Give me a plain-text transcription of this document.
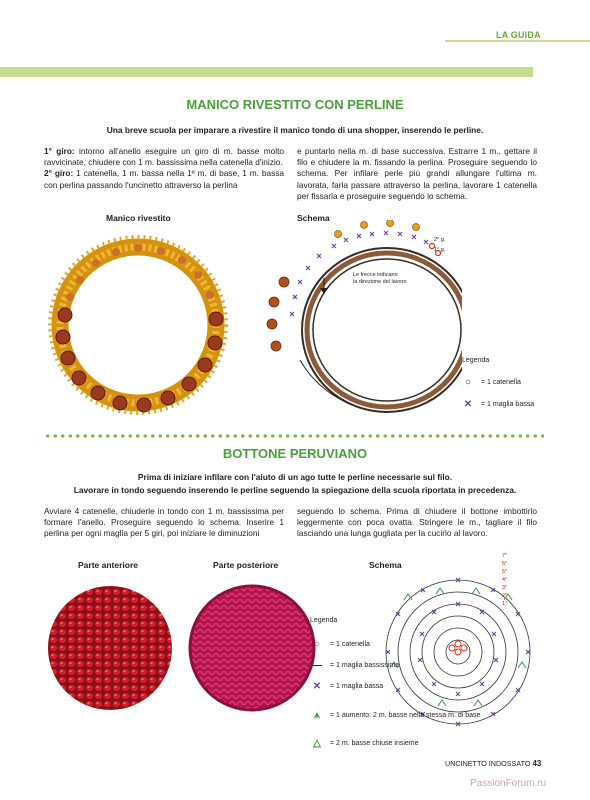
LA GUIDA
MANICO RIVESTITO CON PERLINE
Una breve scuola per imparare a rivestire il manico tondo di una shopper, inserendo le perline.
1° giro: intorno all'anello eseguire un giro di m. basse molto ravvicinate, chiudere con 1 m. bassissima nella catenella d'inizio.
2° giro: 1 catenella, 1 m. bassa nella 1ª m. di base, 1 m. bassa con perlina passando l'uncinetto attraverso la perlina
e puntarlo nella m. di base successiva. Estrarre 1 m., gettare il filo e chiudere la m. fissando la perlina. Proseguire seguendo lo schema. Per infilare perle più grandi allungare l'ultima m. lavorata, farla passare attraverso la perlina, lavorare 1 catenella per fissarla e proseguire seguendo lo schema.
Manico rivestito	Schema
Le frecce indicano
la direzione del lavoro
2° g.
1° g.
Legenda
○	= 1 catenella
✕	= 1 maglia bassa
BOTTONE PERUVIANO
Prima di iniziare infilare con l'aiuto di un ago tutte le perline necessarie sul filo.
Lavorare in tondo seguendo inserendo le perline seguendo la spiegazione della scuola riportata in precedenza.
Avviare 4 catenelle, chiuderle in tondo con 1 m. bassissima per formare l'anello. Proseguire seguendo lo schema. Inserire 1 perlina per ogni maglia per 5 giri, poi iniziare le diminuzioni
seguendo lo schema. Prima di chiudere il bottone imbottirlo leggermente con poca ovatta. Stringere le m., tagliare il filo lasciando una lunga gugliata per la cucirlo al lavoro.
Parte anteriore	Parte posteriore	Schema
7°
6°
5°
4°
3°
2°
1°
Legenda
○	= 1 catenella
—	= 1 maglia bassissima
✕	= 1 maglia bassa
⩚	= 1 aumento: 2 m. basse nella stessa m. di base
△	= 2 m. basse chiuse insieme
UNCINETTO INDOSSATO 43
PassionForum.ru
